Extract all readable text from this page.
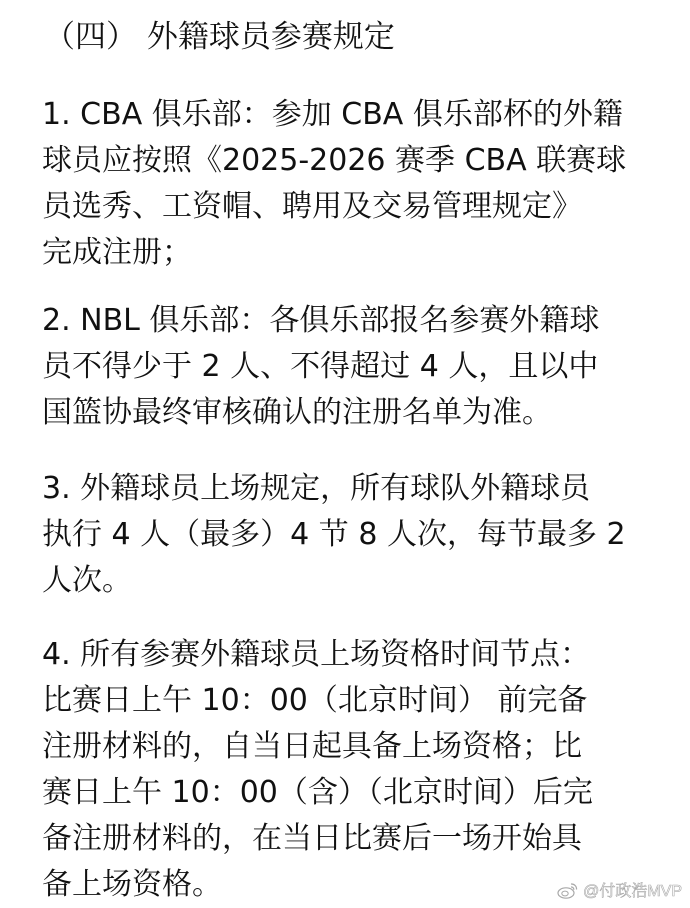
（四） 外籍球员参赛规定
1. CBA 俱乐部：参加 CBA 俱乐部杯的外籍
球员应按照《2025-2026 赛季 CBA 联赛球
员选秀、工资帽、聘用及交易管理规定》
完成注册；
2. NBL 俱乐部：各俱乐部报名参赛外籍球
员不得少于 2 人、不得超过 4 人，且以中
国篮协最终审核确认的注册名单为准。
3. 外籍球员上场规定，所有球队外籍球员
执行 4 人（最多）4 节 8 人次，每节最多 2
人次。
4. 所有参赛外籍球员上场资格时间节点：
比赛日上午 10：00（北京时间） 前完备
注册材料的，自当日起具备上场资格；比
赛日上午 10：00（含）（北京时间）后完
备注册材料的，在当日比赛后一场开始具
备上场资格。	@付政浩MVP
